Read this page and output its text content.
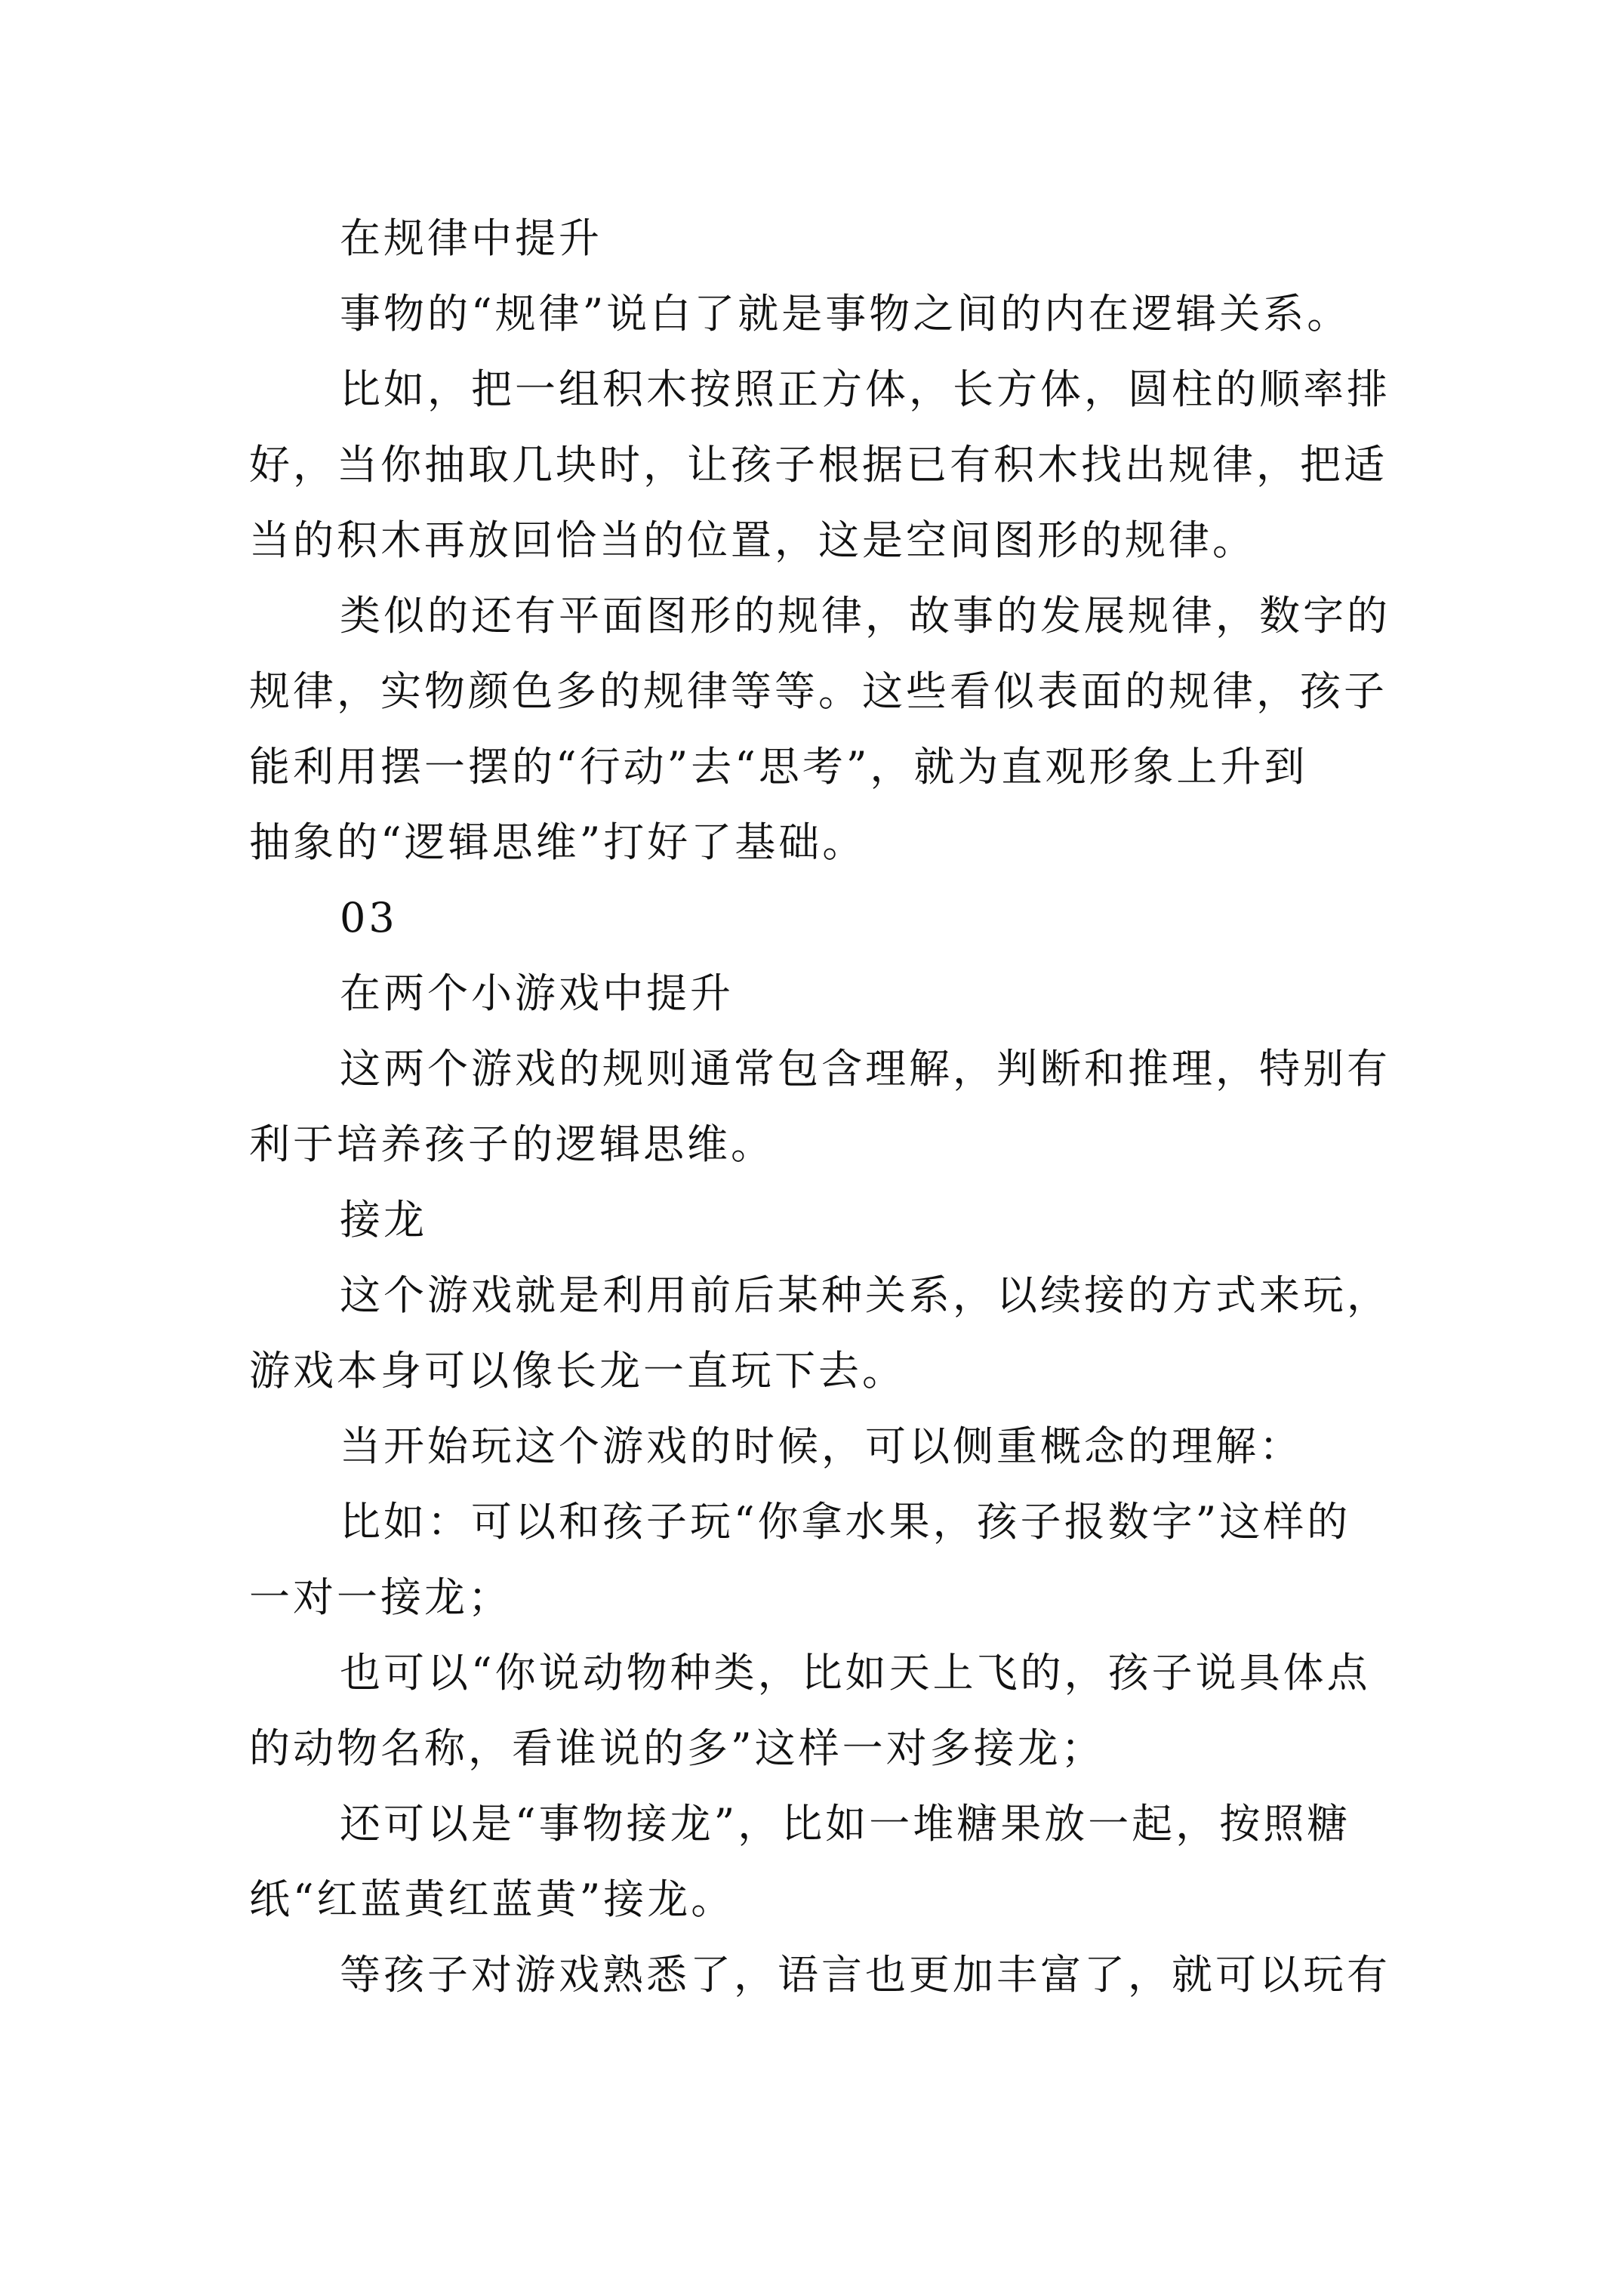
在规律中提升
事物的“规律”说白了就是事物之间的内在逻辑关系。
比如，把一组积木按照正方体，长方体，圆柱的顺率排
好，当你抽取几块时，让孩子根据已有积木找出规律，把适
当的积木再放回恰当的位置，这是空间图形的规律。
类似的还有平面图形的规律，故事的发展规律，数字的
规律，实物颜色多的规律等等。这些看似表面的规律，孩子
能利用摆一摆的“行动”去“思考”，就为直观形象上升到
抽象的“逻辑思维”打好了基础。
03
在两个小游戏中提升
这两个游戏的规则通常包含理解，判断和推理，特别有
利于培养孩子的逻辑思维。
接龙
这个游戏就是利用前后某种关系，以续接的方式来玩，
游戏本身可以像长龙一直玩下去。
当开始玩这个游戏的时候，可以侧重概念的理解：
比如：可以和孩子玩“你拿水果，孩子报数字”这样的
一对一接龙；
也可以“你说动物种类，比如天上飞的，孩子说具体点
的动物名称，看谁说的多”这样一对多接龙；
还可以是“事物接龙”，比如一堆糖果放一起，按照糖
纸“红蓝黄红蓝黄”接龙。
等孩子对游戏熟悉了，语言也更加丰富了，就可以玩有
